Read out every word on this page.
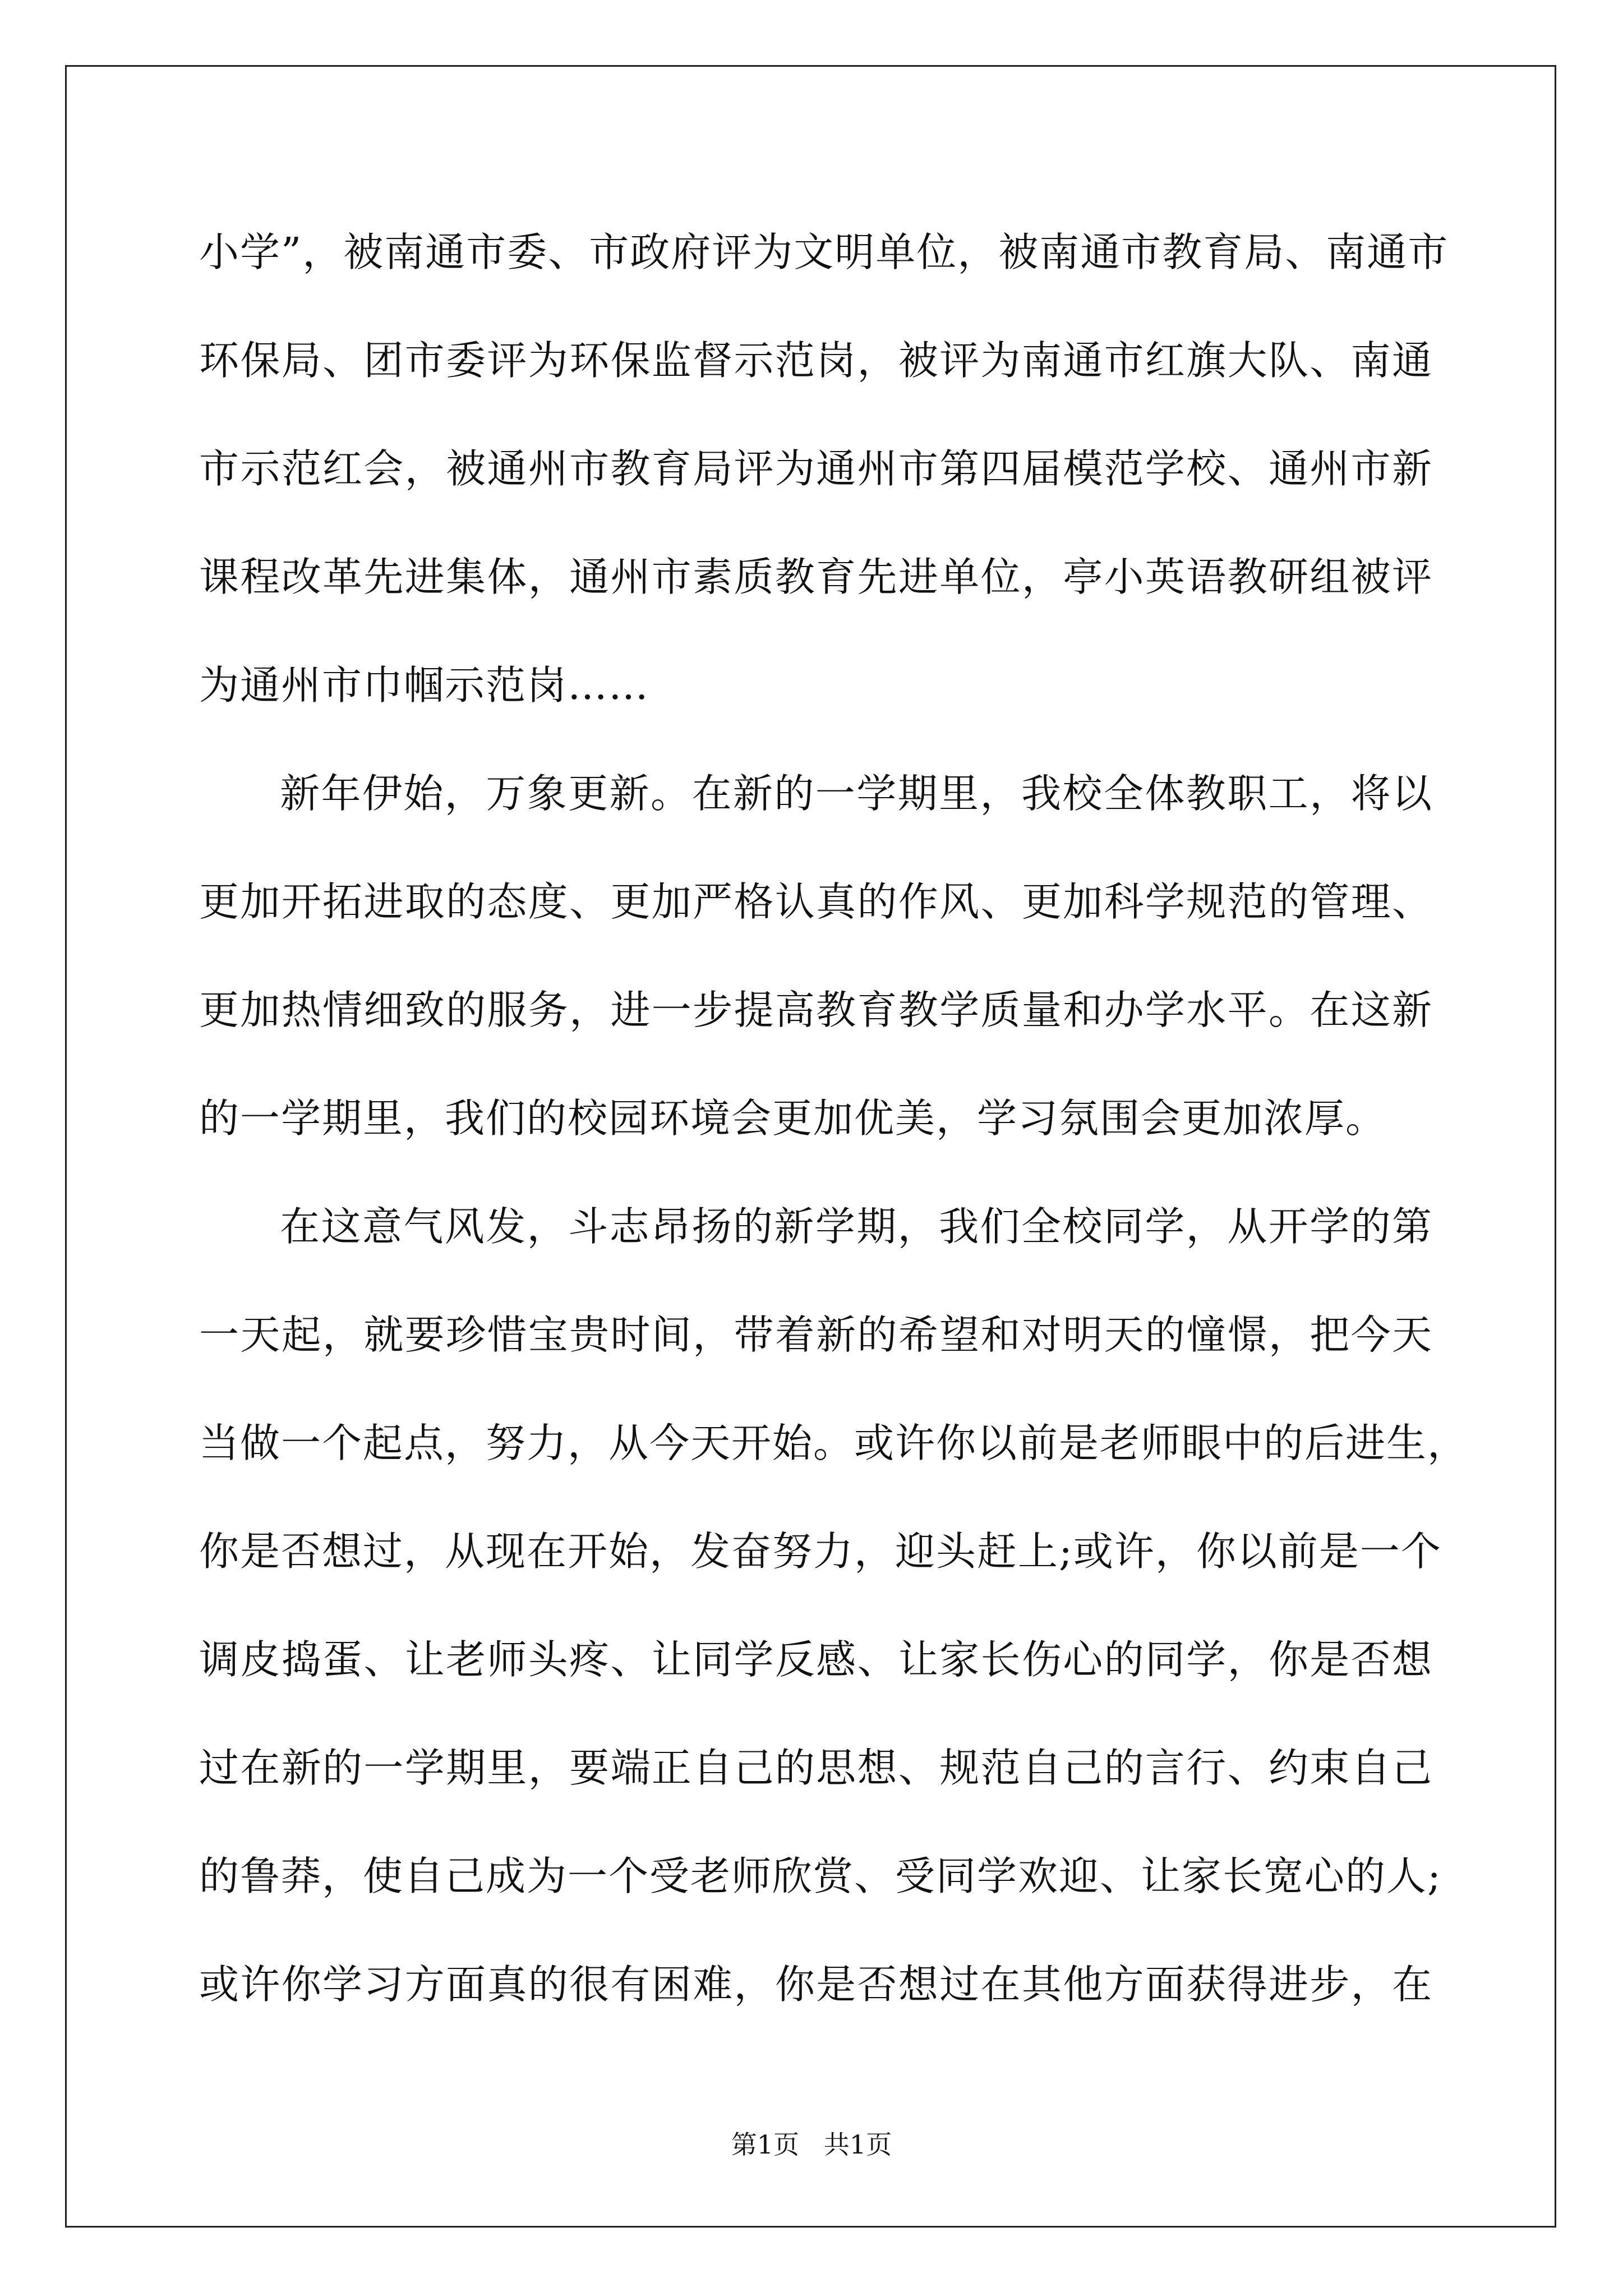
小学”，被南通市委、市政府评为文明单位，被南通市教育局、南通市
环保局、团市委评为环保监督示范岗，被评为南通市红旗大队、南通
市示范红会，被通州市教育局评为通州市第四届模范学校、通州市新
课程改革先进集体，通州市素质教育先进单位，亭小英语教研组被评
为通州市巾帼示范岗……
新年伊始，万象更新。在新的一学期里，我校全体教职工，将以
更加开拓进取的态度、更加严格认真的作风、更加科学规范的管理、
更加热情细致的服务，进一步提高教育教学质量和办学水平。在这新
的一学期里，我们的校园环境会更加优美，学习氛围会更加浓厚。
在这意气风发，斗志昂扬的新学期，我们全校同学，从开学的第
一天起，就要珍惜宝贵时间，带着新的希望和对明天的憧憬，把今天
当做一个起点，努力，从今天开始。或许你以前是老师眼中的后进生，
你是否想过，从现在开始，发奋努力，迎头赶上;或许，你以前是一个
调皮捣蛋、让老师头疼、让同学反感、让家长伤心的同学，你是否想
过在新的一学期里，要端正自己的思想、规范自己的言行、约束自己
的鲁莽，使自己成为一个受老师欣赏、受同学欢迎、让家长宽心的人;
或许你学习方面真的很有困难，你是否想过在其他方面获得进步，在
第1页   共1页
